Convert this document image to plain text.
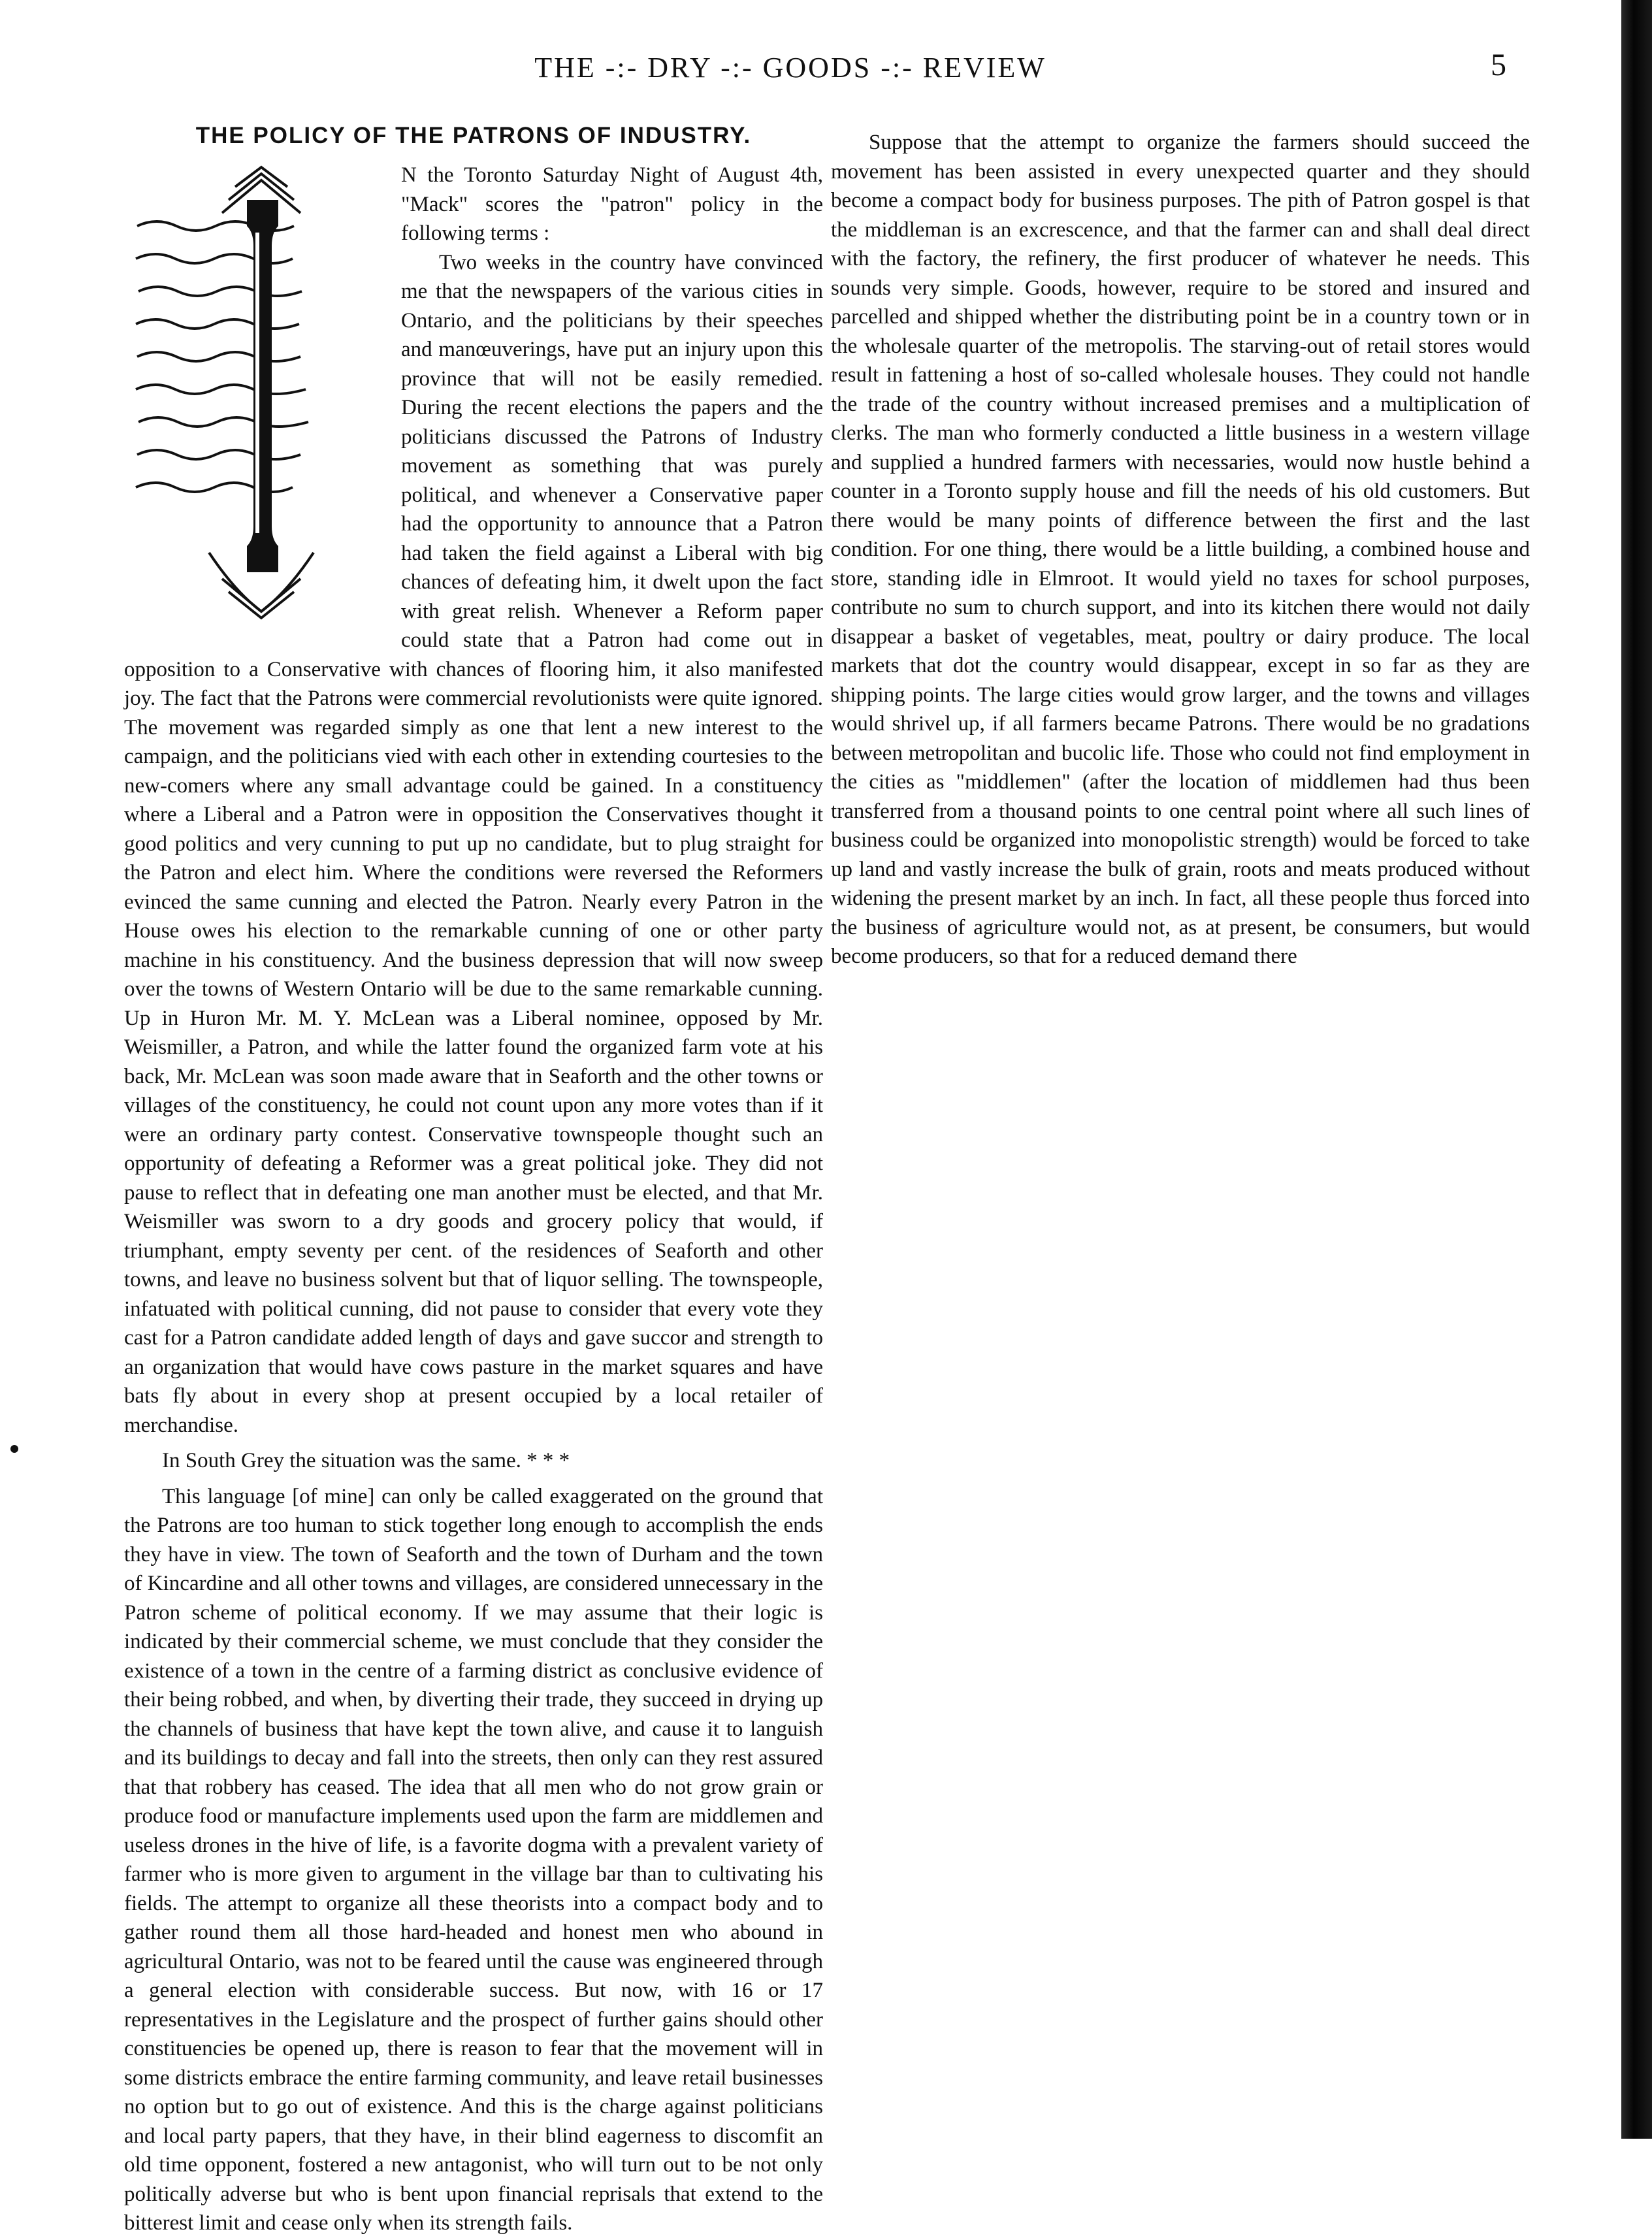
THE -:- DRY -:- GOODS -:- REVIEW	5
THE POLICY OF THE PATRONS OF INDUSTRY.

N the Toronto Saturday Night of August 4th, "Mack" scores the "patron" policy in the following terms :

Two weeks in the country have convinced me that the newspapers of the various cities in Ontario, and the politicians by their speeches and manœuverings, have put an injury upon this province that will not be easily remedied. During the recent elections the papers and the politicians discussed the Patrons of Industry movement as something that was purely political, and whenever a Conservative paper had the opportunity to announce that a Patron had taken the field against a Liberal with big chances of defeating him, it dwelt upon the fact with great relish. Whenever a Reform paper could state that a Patron had come out in opposition to a Conservative with chances of flooring him, it also manifested joy. The fact that the Patrons were commercial revolutionists were quite ignored. The movement was regarded simply as one that lent a new interest to the campaign, and the politicians vied with each other in extending courtesies to the new-comers where any small advantage could be gained. In a constituency where a Liberal and a Patron were in opposition the Conservatives thought it good politics and very cunning to put up no candidate, but to plug straight for the Patron and elect him. Where the conditions were reversed the Reformers evinced the same cunning and elected the Patron. Nearly every Patron in the House owes his election to the remarkable cunning of one or other party machine in his constituency. And the business depression that will now sweep over the towns of Western Ontario will be due to the same remarkable cunning. Up in Huron Mr. M. Y. McLean was a Liberal nominee, opposed by Mr. Weismiller, a Patron, and while the latter found the organized farm vote at his back, Mr. McLean was soon made aware that in Seaforth and the other towns or villages of the constituency, he could not count upon any more votes than if it were an ordinary party contest. Conservative townspeople thought such an opportunity of defeating a Reformer was a great political joke. They did not pause to reflect that in defeating one man another must be elected, and that Mr. Weismiller was sworn to a dry goods and grocery policy that would, if triumphant, empty seventy per cent. of the residences of Seaforth and other towns, and leave no business solvent but that of liquor selling. The townspeople, infatuated with political cunning, did not pause to consider that every vote they cast for a Patron candidate added length of days and gave succor and strength to an organization that would have cows pasture in the market squares and have bats fly about in every shop at present occupied by a local retailer of merchandise.

In South Grey the situation was the same. * * *

This language [of mine] can only be called exaggerated on the ground that the Patrons are too human to stick together long enough to accomplish the ends they have in view. The town of Seaforth and the town of Durham and the town of Kincardine and all other towns and villages, are considered unnecessary in the Patron scheme of political economy. If we may assume that their logic is indicated by their commercial scheme, we must conclude that they consider the existence of a town in the centre of a farming district as conclusive evidence of their being robbed, and when, by diverting their trade, they succeed in drying up the channels of business that have kept the town alive, and cause it to languish and its buildings to decay and fall into the streets, then only can they rest assured that that robbery has ceased. The idea that all men who do not grow grain or produce food or manufacture implements used upon the farm are middlemen and useless drones in the hive of life, is a favorite dogma with a prevalent variety of farmer who is more given to argument in the village bar than to cultivating his fields. The attempt to organize all these theorists into a compact body and to gather round them all those hard-headed and honest men who abound in agricultural Ontario, was not to be feared until the cause was engineered through a general election with considerable success. But now, with 16 or 17 representatives in the Legislature and the prospect of further gains should other constituencies be opened up, there is reason to fear that the movement will in some districts embrace the entire farming community, and leave retail businesses no option but to go out of existence. And this is the charge against politicians and local party papers, that they have, in their blind eagerness to discomfit an old time opponent, fostered a new antagonist, who will turn out to be not only politically adverse but who is bent upon financial reprisals that extend to the bitterest limit and cease only when its strength fails.

Suppose that the attempt to organize the farmers should succeed the movement has been assisted in every unexpected quarter and they should become a compact body for business purposes. The pith of Patron gospel is that the middleman is an excrescence, and that the farmer can and shall deal direct with the factory, the refinery, the first producer of whatever he needs. This sounds very simple. Goods, however, require to be stored and insured and parcelled and shipped whether the distributing point be in a country town or in the wholesale quarter of the metropolis. The starving-out of retail stores would result in fattening a host of so-called wholesale houses. They could not handle the trade of the country without increased premises and a multiplication of clerks. The man who formerly conducted a little business in a western village and supplied a hundred farmers with necessaries, would now hustle behind a counter in a Toronto supply house and fill the needs of his old customers. But there would be many points of difference between the first and the last condition. For one thing, there would be a little building, a combined house and store, standing idle in Elmroot. It would yield no taxes for school purposes, contribute no sum to church support, and into its kitchen there would not daily disappear a basket of vegetables, meat, poultry or dairy produce. The local markets that dot the country would disappear, except in so far as they are shipping points. The large cities would grow larger, and the towns and villages would shrivel up, if all farmers became Patrons. There would be no gradations between metropolitan and bucolic life. Those who could not find employment in the cities as "middlemen" (after the location of middlemen had thus been transferred from a thousand points to one central point where all such lines of business could be organized into monopolistic strength) would be forced to take up land and vastly increase the bulk of grain, roots and meats produced without widening the present market by an inch. In fact, all these people thus forced into the business of agriculture would not, as at present, be consumers, but would become producers, so that for a reduced demand there
